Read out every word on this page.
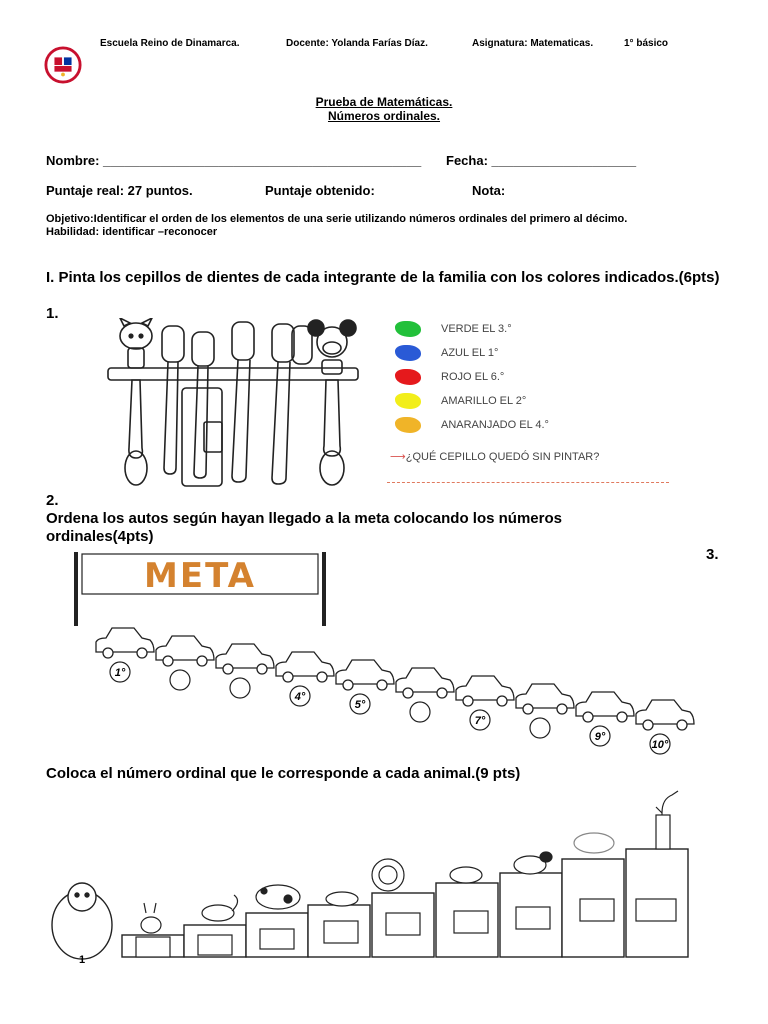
Escuela Reino de Dinamarca.	Docente: Yolanda Farías Díaz.	Asignatura: Matematicas.	1° básico
Prueba de Matemáticas.
Números ordinales.
Nombre: ____________________________________________ Fecha: ____________________
Puntaje real: 27 puntos.	Puntaje obtenido:	Nota:
Objetivo:Identificar el orden de los elementos de una serie utilizando números ordinales del primero al décimo.
Habilidad: identificar –reconocer
I. Pinta los cepillos de dientes de cada integrante de la familia con los colores indicados.(6pts)
1.
VERDE EL 3.°
AZUL EL 1°
ROJO EL 6.°
AMARILLO EL 2°
ANARANJADO EL 4.°
⟶¿QUÉ CEPILLO QUEDÓ SIN PINTAR?
2.
Ordena los autos según hayan llegado a la meta colocando los números ordinales(4pts)
3.
META
1°
4°
5°
7°
9°
10°
Coloca el número ordinal que le corresponde a cada animal.(9 pts)
1
